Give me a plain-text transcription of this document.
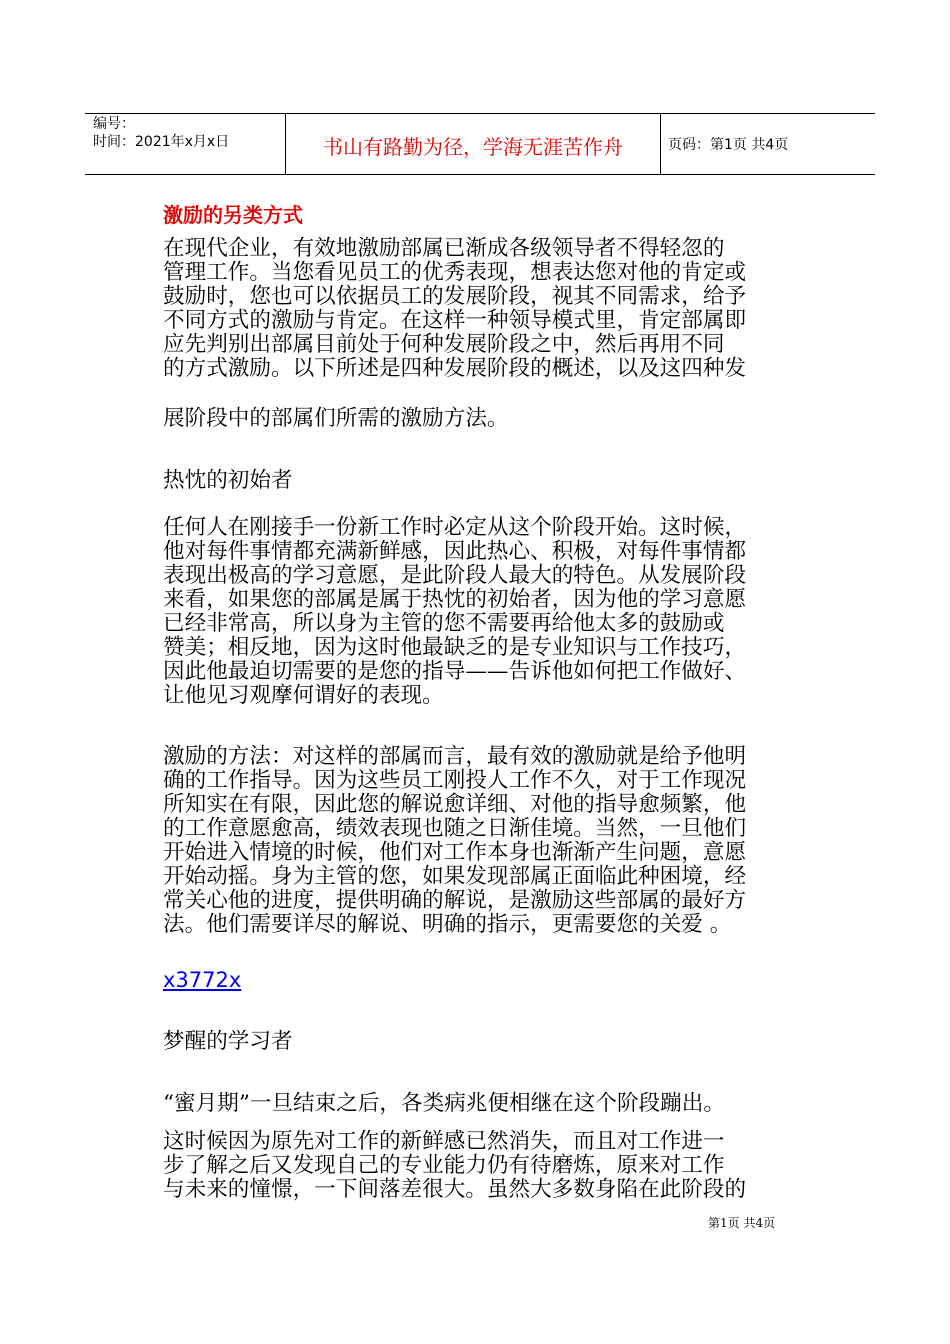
编号：
时间：2021年x月x日	书山有路勤为径，学海无涯苦作舟	页码：第1页 共4页
激励的另类方式
在现代企业，有效地激励部属已渐成各级领导者不得轻忽的
管理工作。当您看见员工的优秀表现，想表达您对他的肯定或
鼓励时，您也可以依据员工的发展阶段，视其不同需求，给予
不同方式的激励与肯定。在这样一种领导模式里，肯定部属即
应先判别出部属目前处于何种发展阶段之中，然后再用不同
的方式激励。以下所述是四种发展阶段的概述，以及这四种发
展阶段中的部属们所需的激励方法。
热忱的初始者
任何人在刚接手一份新工作时必定从这个阶段开始。这时候，
他对每件事情都充满新鲜感，因此热心、积极，对每件事情都
表现出极高的学习意愿，是此阶段人最大的特色。从发展阶段
来看，如果您的部属是属于热忱的初始者，因为他的学习意愿
已经非常高，所以身为主管的您不需要再给他太多的鼓励或
赞美；相反地，因为这时他最缺乏的是专业知识与工作技巧，
因此他最迫切需要的是您的指导——告诉他如何把工作做好、
让他见习观摩何谓好的表现。
激励的方法：对这样的部属而言，最有效的激励就是给予他明
确的工作指导。因为这些员工刚投人工作不久，对于工作现况
所知实在有限，因此您的解说愈详细、对他的指导愈频繁，他
的工作意愿愈高，绩效表现也随之日渐佳境。当然，一旦他们
开始进入情境的时候，他们对工作本身也渐渐产生问题，意愿
开始动摇。身为主管的您，如果发现部属正面临此种困境，经
常关心他的进度，提供明确的解说，是激励这些部属的最好方
法。他们需要详尽的解说、明确的指示，更需要您的关爱 。
x3772x
梦醒的学习者
“蜜月期”一旦结束之后，各类病兆便相继在这个阶段蹦出。
这时候因为原先对工作的新鲜感已然消失，而且对工作进一
步了解之后又发现自己的专业能力仍有待磨炼，原来对工作
与未来的憧憬，一下间落差很大。虽然大多数身陷在此阶段的
第1页 共4页
